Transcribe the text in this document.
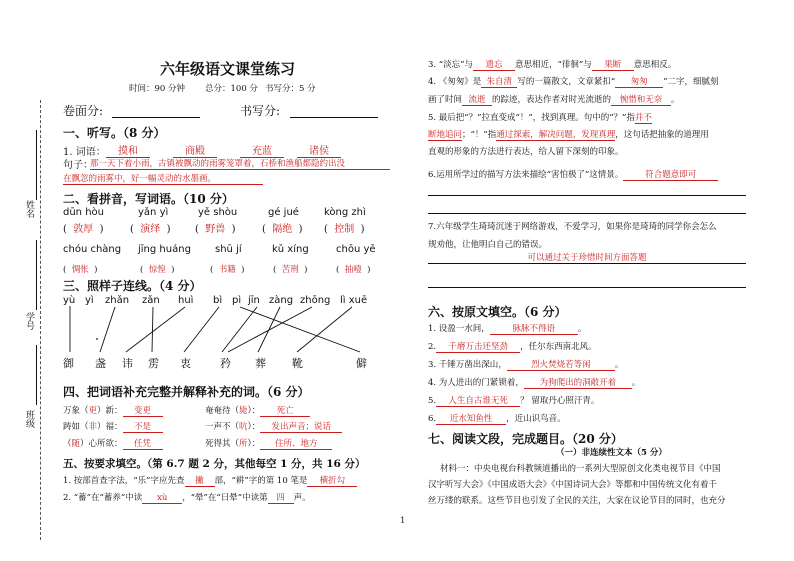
姓名
学号
班级
六年级语文课堂练习
时间：90 分钟 总分：100 分 书写分：5 分
卷面分:	书写分:
一、听写。（8 分）
1. 词语：	摸和	商殿	充蓝	诸侯
句子：
那一天下着小雨，古镇被飘动的雨雾笼罩着，石桥和渔船都隐约出没
在飘忽的雨雾中，好一幅灵动的水墨画。
二、看拼音，写词语。（10 分）
dūn hòu	yǎn yì	yě shòu	gé jué	kòng zhì
(  敦厚  )	(  演绎  ) (  野兽  )	(  隔绝  ) (  控制  )
chóu chàng jīng huáng shū jí	kǔ xíng	chōu yē
(  惆怅  )	(  惊惶  )	(  书籍  )	(  苦刑  )	(  抽噎  )
三、照样子连线。（4 分）
yù yì zhǎn zǎn huì bì pì jīn zàng zhōng lì xuē
御 盏 讳 雳 衷	矜 葬 靴	僻
四、把词语补充完整并解释补充的词。（6 分）
万象（更）新： 变更	奄奄待（毙）： 死亡
踌如（非）福： 不是	一声不（吭）： 发出声音；说话
（随）心所欲： 任凭	死得其（所）： 住所、地方
五、按要求填空。（第 6.7 题 2 分，其他每空 1 分，共 16 分）
1. 按部首查字法，“乐”字应先查 撇 部，“耕”字的第 10 笔是 横折勾
2. “蓄”在“蓄养”中读 xù ，“晕”在“日晕”中读第 四 声。
3. “淡忘”与 遗忘 意思相近，“徘徊”与 果断 意思相反。
4. 《匆匆》是 朱自清 写的一篇散文，文章紧扣“ 匆匆 ”二字，细腻刻
画了时间 流逝 的踪迹，表达作者对时光流逝的 惋惜和无奈 。
5. 最后把“？”拉直变成“！”，找到真理。句中的“？”指并不
断地追问；“！”指通过探索，解决问题，发现真理，这句话把抽象的道理用
直观的形象的方法进行表达，给人留下深刻的印象。
6.运用所学过的描写方法来描绘“害怕极了”这情景。	符合题意即可
7.六年级学生琦琦沉迷于网络游戏，不爱学习，如果你是琦琦的同学你会怎么
规劝他，让他明白自己的错误。
可以通过关于珍惜时间方面答题
六、按原文填空。（6 分）
1. 设盈一水间，	脉脉不得语	。
2. 千磨万击还坚劲 ，任尔东西南北风。
3. 千锤万凿出深山，	烈火焚烧若等闲	。
4. 为人进出的门紧锁着， 为狗爬出的洞敞开着 。
5. 人生自古谁无死 ？ 留取丹心照汗青。
6. 近水知鱼性 ，近山识鸟音。
七、阅读文段，完成题目。（20 分）
（一）非连续性文本（5 分）
材料一：中央电视台科教频道播出的一系列大型原创文化类电视节目《中国
汉字听写大会》《中国成语大会》《中国诗词大会》等都和中国传统文化有着千
丝万缕的联系。这些节目也引发了全民的关注，大家在议论节目的同时，也充分
1
